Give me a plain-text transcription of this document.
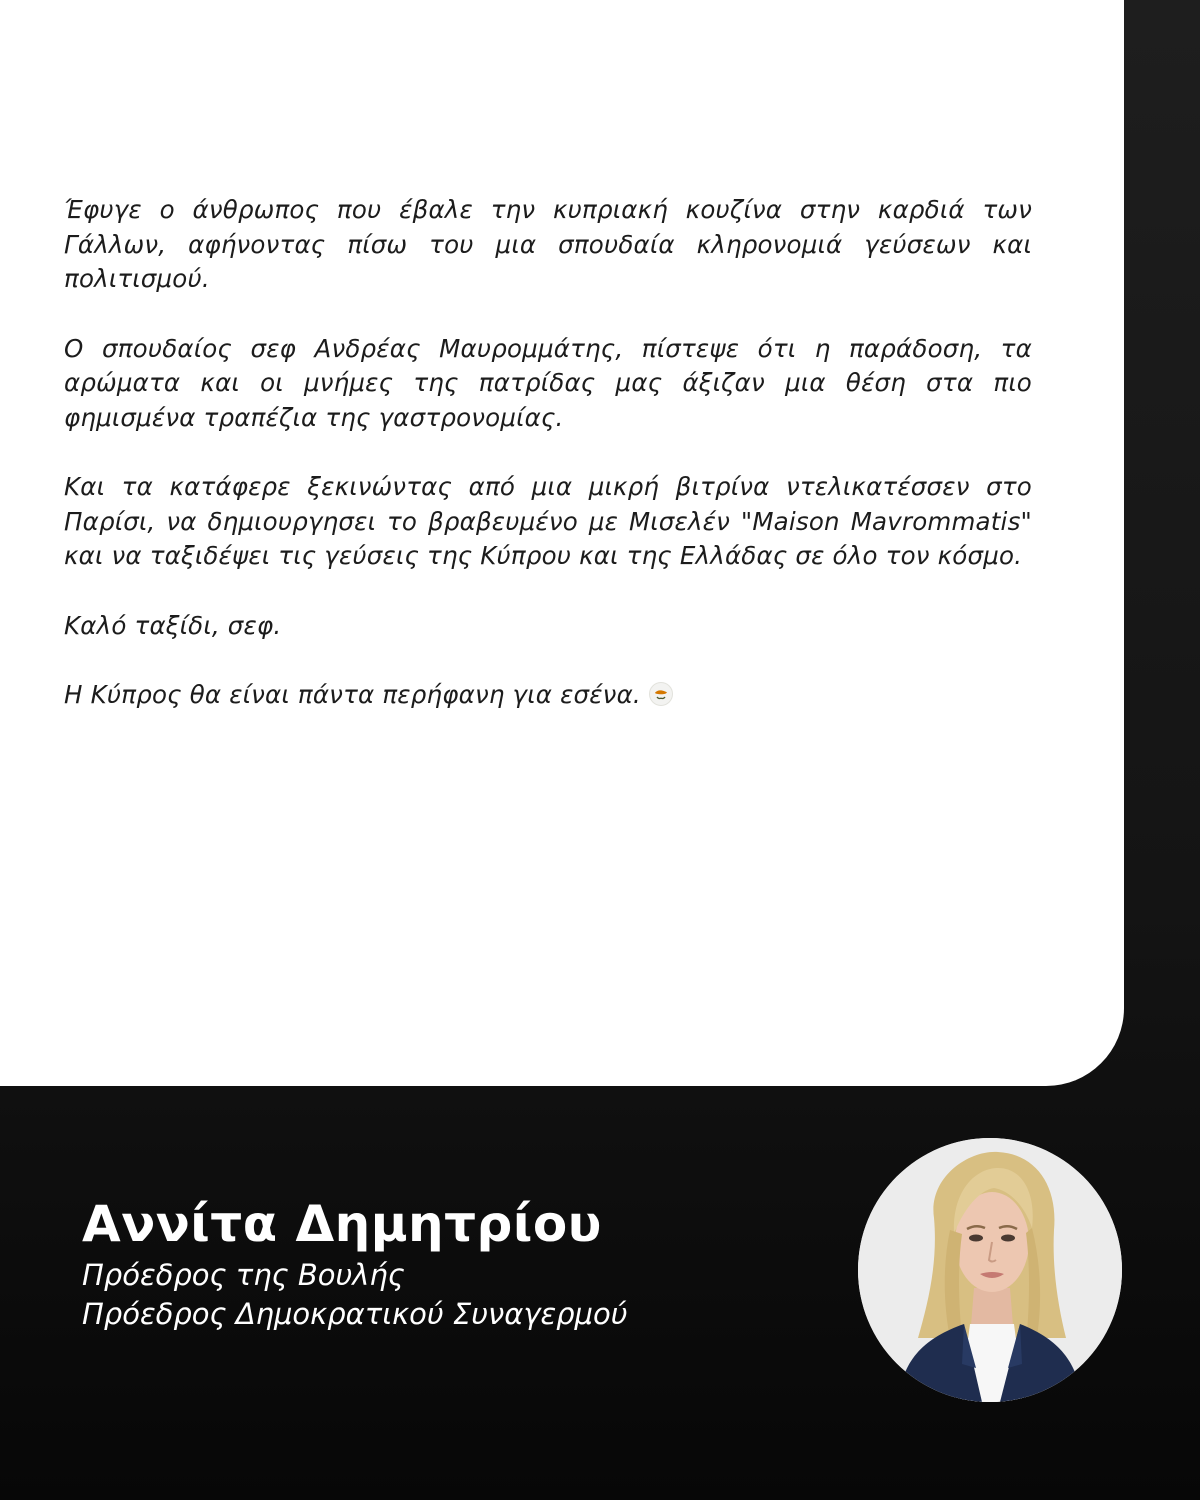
Έφυγε ο άνθρωπος που έβαλε την κυπριακή κουζίνα στην καρδιά των Γάλλων, αφήνοντας πίσω του μια σπουδαία κληρονομιά γεύσεων και πολιτισμού.

Ο σπουδαίος σεφ Ανδρέας Μαυρομμάτης, πίστεψε ότι η παράδοση, τα αρώματα και οι μνήμες της πατρίδας μας άξιζαν μια θέση στα πιο φημισμένα τραπέζια της γαστρονομίας.

Και τα κατάφερε ξεκινώντας από μια μικρή βιτρίνα ντελικατέσσεν στο Παρίσι, να δημιουργησει το βραβευμένο με Μισελέν "Maison Mavrommatis" και να ταξιδέψει τις γεύσεις της Κύπρου και της Ελλάδας σε όλο τον κόσμο.

Καλό ταξίδι, σεφ.

Η Κύπρος θα είναι πάντα περήφανη για εσένα.

Αννίτα Δημητρίου
Πρόεδρος της Βουλής
Πρόεδρος Δημοκρατικού Συναγερμού
